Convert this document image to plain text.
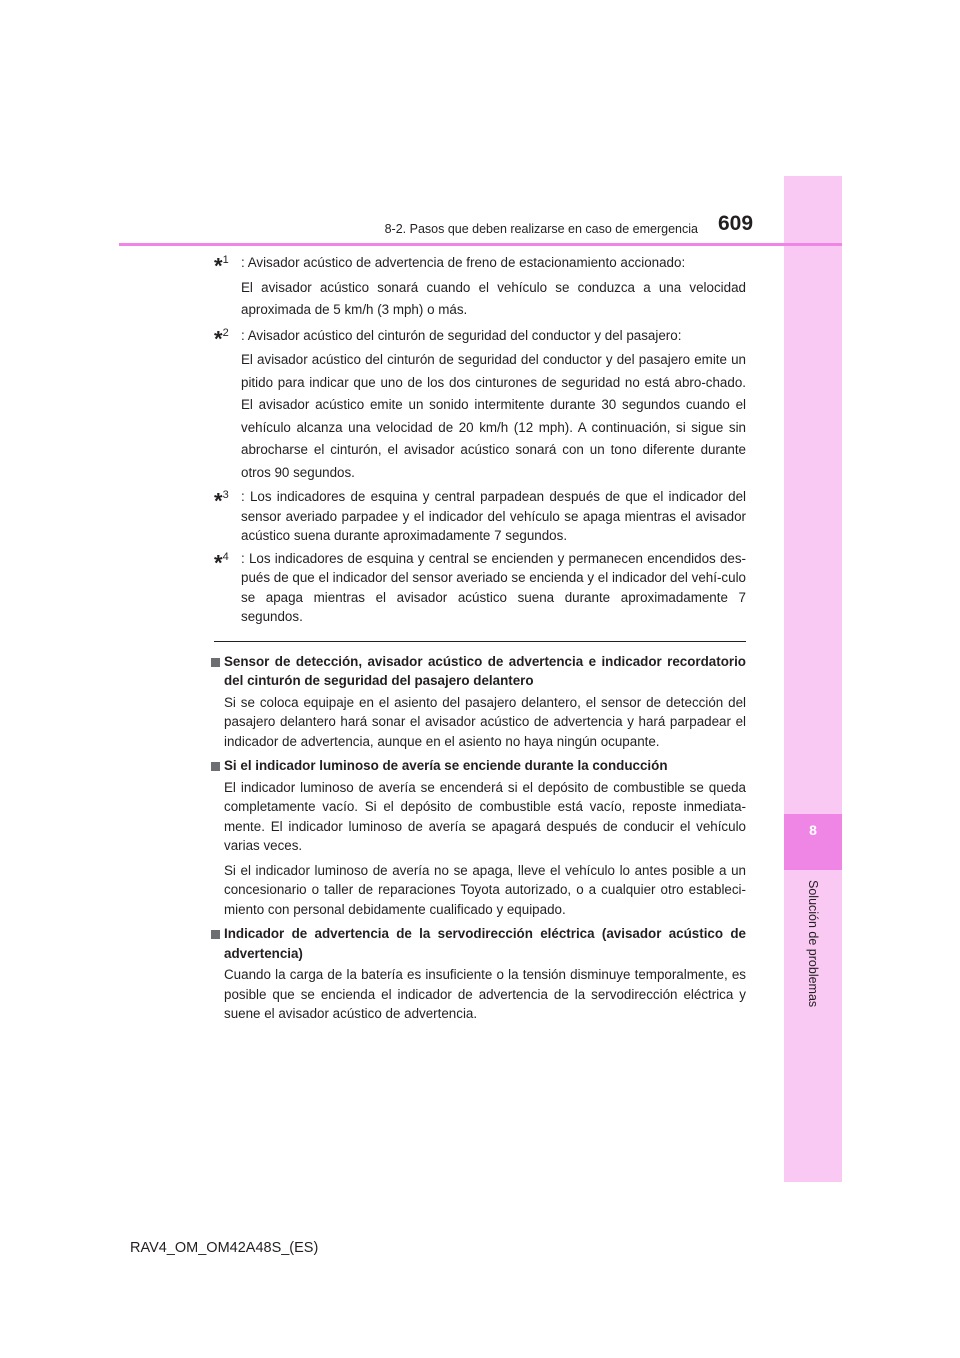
8
Solución de problemas
8-2. Pasos que deben realizarse en caso de emergencia 609
*$^1$ : Avisador acústico de advertencia de freno de estacionamiento accionado:

El avisador acústico sonará cuando el vehículo se conduzca a una velocidad aproximada de 5 km/h (3 mph) o más.

*$^2$ : Avisador acústico del cinturón de seguridad del conductor y del pasajero:

El avisador acústico del cinturón de seguridad del conductor y del pasajero emite un pitido para indicar que uno de los dos cinturones de seguridad no está abro-chado. El avisador acústico emite un sonido intermitente durante 30 segundos cuando el vehículo alcanza una velocidad de 20 km/h (12 mph). A continuación, si sigue sin abrocharse el cinturón, el avisador acústico sonará con un tono diferente durante otros 90 segundos.

*$^3$ : Los indicadores de esquina y central parpadean después de que el indicador del sensor averiado parpadee y el indicador del vehículo se apaga mientras el avisador acústico suena durante aproximadamente 7 segundos.

*$^4$ : Los indicadores de esquina y central se encienden y permanecen encendidos des-pués de que el indicador del sensor averiado se encienda y el indicador del vehí-culo se apaga mientras el avisador acústico suena durante aproximadamente 7 segundos.

Sensor de detección, avisador acústico de advertencia e indicador recordatorio del cinturón de seguridad del pasajero delantero

Si se coloca equipaje en el asiento del pasajero delantero, el sensor de detección del pasajero delantero hará sonar el avisador acústico de advertencia y hará parpadear el indicador de advertencia, aunque en el asiento no haya ningún ocupante.

Si el indicador luminoso de avería se enciende durante la conducción

El indicador luminoso de avería se encenderá si el depósito de combustible se queda completamente vacío. Si el depósito de combustible está vacío, reposte inmediata-mente. El indicador luminoso de avería se apagará después de conducir el vehículo varias veces.

Si el indicador luminoso de avería no se apaga, lleve el vehículo lo antes posible a un concesionario o taller de reparaciones Toyota autorizado, o a cualquier otro estableci-miento con personal debidamente cualificado y equipado.

Indicador de advertencia de la servodirección eléctrica (avisador acústico de advertencia)

Cuando la carga de la batería es insuficiente o la tensión disminuye temporalmente, es posible que se encienda el indicador de advertencia de la servodirección eléctrica y suene el avisador acústico de advertencia.

RAV4_OM_OM42A48S_(ES)
